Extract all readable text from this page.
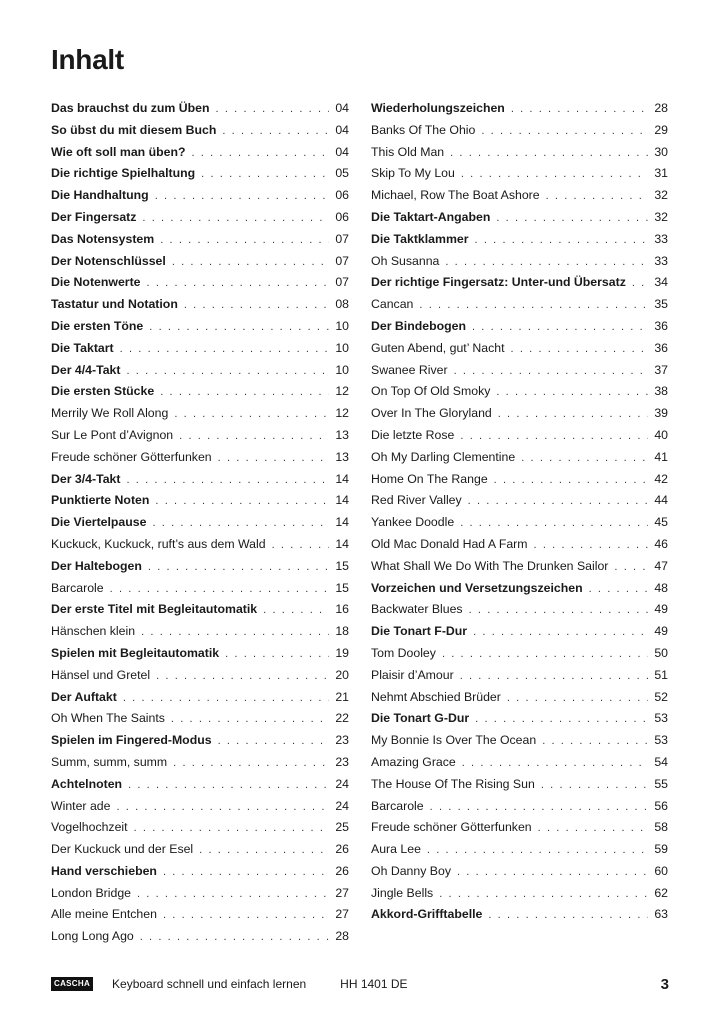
Inhalt
Das brauchst du zum Üben . . .	04
So übst du mit diesem Buch . . .	04
Wie oft soll man üben? . . .	04
Die richtige Spielhaltung . . .	05
Die Handhaltung . . .	06
Der Fingersatz . . .	06
Das Notensystem . . .	07
Der Notenschlüssel . . .	07
Die Notenwerte . . .	07
Tastatur und Notation . . .	08
Die ersten Töne . . .	10
Die Taktart . . .	10
Der 4/4-Takt . . .	10
Die ersten Stücke . . .	12
Merrily We Roll Along . . .	12
Sur Le Pont d’Avignon . . .	13
Freude schöner Götterfunken . . .	13
Der 3/4-Takt . . .	14
Punktierte Noten . . .	14
Die Viertelpause . . .	14
Kuckuck, Kuckuck, ruft’s aus dem Wald . . .	14
Der Haltebogen . . .	15
Barcarole . . .	15
Der erste Titel mit Begleitautomatik . . .	16
Hänschen klein . . .	18
Spielen mit Begleitautomatik . . .	19
Hänsel und Gretel . . .	20
Der Auftakt . . .	21
Oh When The Saints . . .	22
Spielen im Fingered-Modus . . .	23
Summ, summ, summ . . .	23
Achtelnoten . . .	24
Winter ade . . .	24
Vogelhochzeit . . .	25
Der Kuckuck und der Esel . . .	26
Hand verschieben . . .	26
London Bridge . . .	27
Alle meine Entchen . . .	27
Long Long Ago . . .	28
Wiederholungszeichen . . .	28
Banks Of The Ohio . . .	29
This Old Man . . .	30
Skip To My Lou . . .	31
Michael, Row The Boat Ashore . . .	32
Die Taktart-Angaben . . .	32
Die Taktklammer . . .	33
Oh Susanna . . .	33
Der richtige Fingersatz: Unter-und Übersatz . . . 34
Cancan . . .	35
Der Bindebogen . . .	36
Guten Abend, gut’ Nacht . . .	36
Swanee River . . .	37
On Top Of Old Smoky . . .	38
Over In The Gloryland . . .	39
Die letzte Rose . . .	40
Oh My Darling Clementine . . .	41
Home On The Range . . .	42
Red River Valley . . .	44
Yankee Doodle . . .	45
Old Mac Donald Had A Farm . . .	46
What Shall We Do With The Drunken Sailor . . .	47
Vorzeichen und Versetzungszeichen . . .	48
Backwater Blues . . .	49
Die Tonart F-Dur . . .	49
Tom Dooley . . .	50
Plaisir d’Amour . . .	51
Nehmt Abschied Brüder . . .	52
Die Tonart G-Dur . . .	53
My Bonnie Is Over The Ocean . . .	53
Amazing Grace . . .	54
The House Of The Rising Sun . . .	55
Barcarole . . .	56
Freude schöner Götterfunken . . .	58
Aura Lee . . .	59
Oh Danny Boy . . .	60
Jingle Bells . . .	62
Akkord-Grifftabelle . . .	63
CASCHA Keyboard schnell und einfach lernen	HH 1401 DE	3
